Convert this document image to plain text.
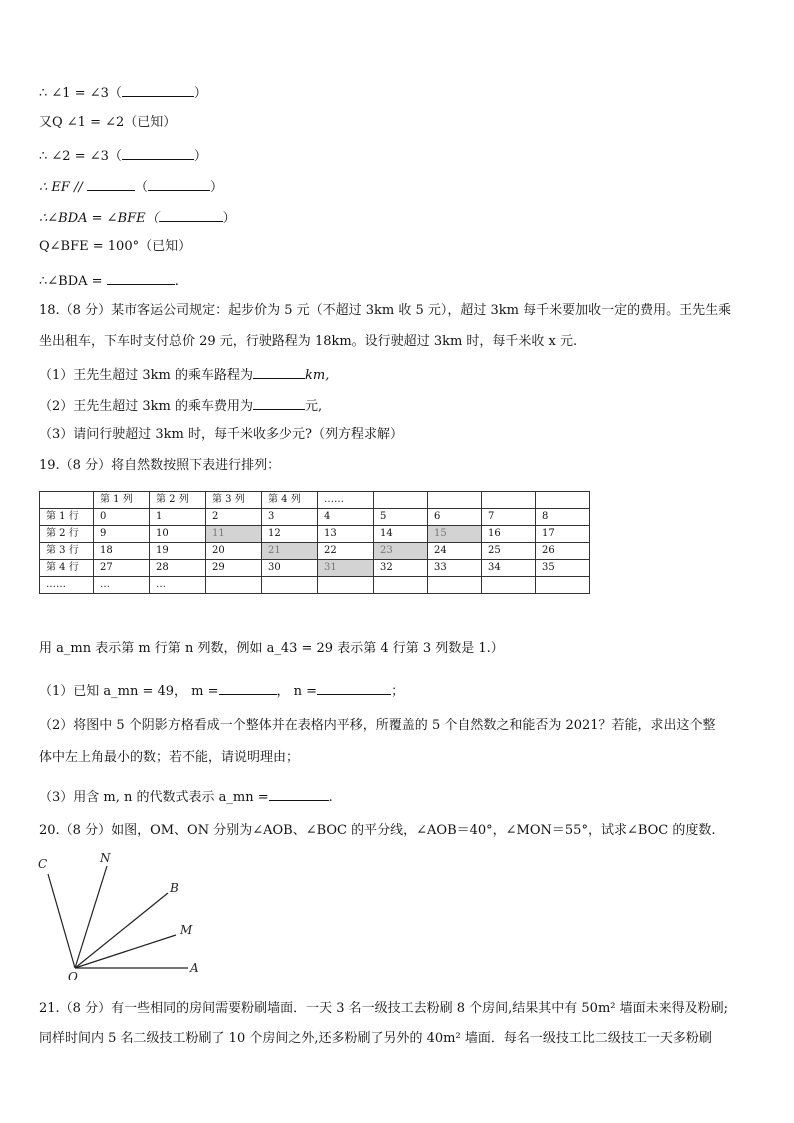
∴ ∠1 = ∠3（	）
又Q ∠1 = ∠2（已知）
∴ ∠2 = ∠3（	）
∴ EF //	（	）
∴∠BDA = ∠BFE（	）
Q∠BFE = 100°（已知）
∴∠BDA =	.
18.（8 分）某市客运公司规定：起步价为 5 元（不超过 3km 收 5 元），超过 3km 每千米要加收一定的费用。王先生乘
坐出租车，下车时支付总价 29 元，行驶路程为 18km。设行驶超过 3km 时，每千米收 x 元.
（1）王先生超过 3km 的乘车路程为	km,
（2）王先生超过 3km 的乘车费用为	元,
（3）请问行驶超过 3km 时，每千米收多少元?（列方程求解）
19.（8 分）将自然数按照下表进行排列：
	第 1 列	第 2 列	第 3 列	第 4 列	……				
第 1 行	0	1	2	3	4	5	6	7	8
第 2 行	9	10	11	12	13	14	15	16	17
第 3 行	18	19	20	21	22	23	24	25	26
第 4 行	27	28	29	30	31	32	33	34	35
……	…	…							
用 a_mn 表示第 m 行第 n 列数，例如 a_43 = 29 表示第 4 行第 3 列数是 1.）
（1）已知 a_mn = 49， m =	， n =	；
（2）将图中 5 个阴影方格看成一个整体并在表格内平移，所覆盖的 5 个自然数之和能否为 2021？若能，求出这个整
体中左上角最小的数；若不能，请说明理由；
（3）用含 m, n 的代数式表示 a_mn =	.
20.（8 分）如图，OM、ON 分别为∠AOB、∠BOC 的平分线，∠AOB＝40°，∠MON＝55°，试求∠BOC 的度数.
C	N
B
M
O
A
21.（8 分）有一些相同的房间需要粉刷墙面．一天 3 名一级技工去粉刷 8 个房间,结果其中有 50m² 墙面未来得及粉刷;
同样时间内 5 名二级技工粉刷了 10 个房间之外,还多粉刷了另外的 40m² 墙面．每名一级技工比二级技工一天多粉刷
